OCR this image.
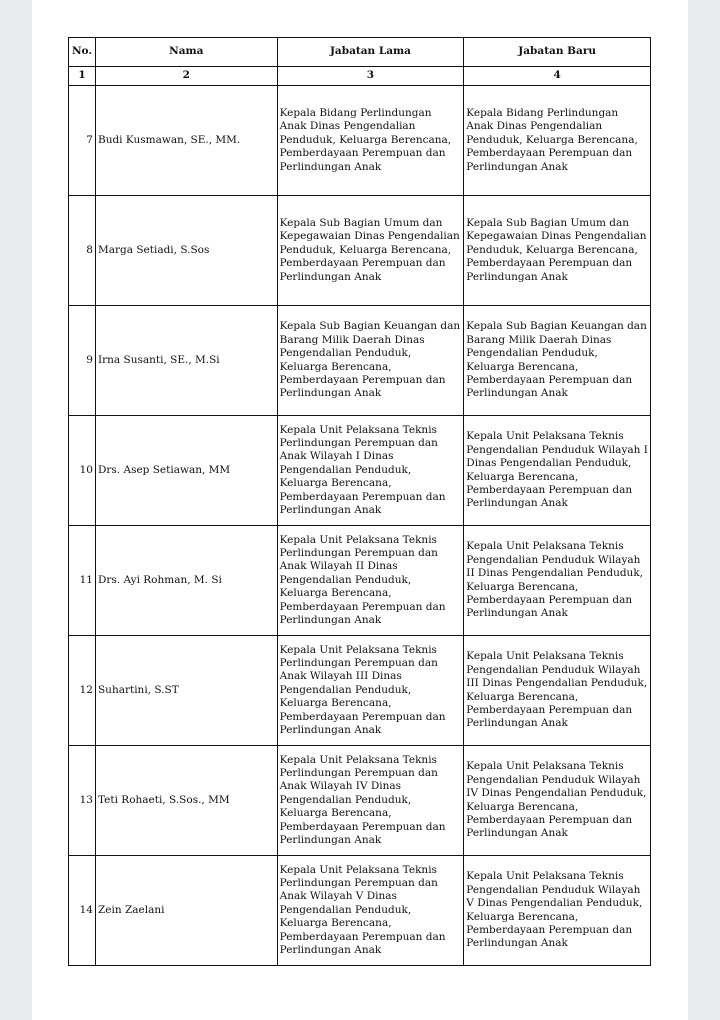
No.	Nama	Jabatan Lama	Jabatan Baru
1	2	3	4
7	Budi Kusmawan, SE., MM.	Kepala Bidang Perlindungan Anak Dinas Pengendalian Penduduk, Keluarga Berencana, Pemberdayaan Perempuan dan Perlindungan Anak	Kepala Bidang Perlindungan Anak Dinas Pengendalian Penduduk, Keluarga Berencana, Pemberdayaan Perempuan dan Perlindungan Anak
8	Marga Setiadi, S.Sos	Kepala Sub Bagian Umum dan Kepegawaian Dinas Pengendalian Penduduk, Keluarga Berencana, Pemberdayaan Perempuan dan Perlindungan Anak	Kepala Sub Bagian Umum dan Kepegawaian Dinas Pengendalian Penduduk, Keluarga Berencana, Pemberdayaan Perempuan dan Perlindungan Anak
9	Irna Susanti, SE., M.Si	Kepala Sub Bagian Keuangan dan Barang Milik Daerah Dinas Pengendalian Penduduk, Keluarga Berencana, Pemberdayaan Perempuan dan Perlindungan Anak	Kepala Sub Bagian Keuangan dan Barang Milik Daerah Dinas Pengendalian Penduduk, Keluarga Berencana, Pemberdayaan Perempuan dan Perlindungan Anak
10	Drs. Asep Setiawan, MM	Kepala Unit Pelaksana Teknis Perlindungan Perempuan dan Anak Wilayah I Dinas Pengendalian Penduduk, Keluarga Berencana, Pemberdayaan Perempuan dan Perlindungan Anak	Kepala Unit Pelaksana Teknis Pengendalian Penduduk Wilayah I Dinas Pengendalian Penduduk, Keluarga Berencana, Pemberdayaan Perempuan dan Perlindungan Anak
11	Drs. Ayi Rohman, M. Si	Kepala Unit Pelaksana Teknis Perlindungan Perempuan dan Anak Wilayah II Dinas Pengendalian Penduduk, Keluarga Berencana, Pemberdayaan Perempuan dan Perlindungan Anak	Kepala Unit Pelaksana Teknis Pengendalian Penduduk Wilayah II Dinas Pengendalian Penduduk, Keluarga Berencana, Pemberdayaan Perempuan dan Perlindungan Anak
12	Suhartini, S.ST	Kepala Unit Pelaksana Teknis Perlindungan Perempuan dan Anak Wilayah III Dinas Pengendalian Penduduk, Keluarga Berencana, Pemberdayaan Perempuan dan Perlindungan Anak	Kepala Unit Pelaksana Teknis Pengendalian Penduduk Wilayah III Dinas Pengendalian Penduduk, Keluarga Berencana, Pemberdayaan Perempuan dan Perlindungan Anak
13	Teti Rohaeti, S.Sos., MM	Kepala Unit Pelaksana Teknis Perlindungan Perempuan dan Anak Wilayah IV Dinas Pengendalian Penduduk, Keluarga Berencana, Pemberdayaan Perempuan dan Perlindungan Anak	Kepala Unit Pelaksana Teknis Pengendalian Penduduk Wilayah IV Dinas Pengendalian Penduduk, Keluarga Berencana, Pemberdayaan Perempuan dan Perlindungan Anak
14	Zein Zaelani	Kepala Unit Pelaksana Teknis Perlindungan Perempuan dan Anak Wilayah V Dinas Pengendalian Penduduk, Keluarga Berencana, Pemberdayaan Perempuan dan Perlindungan Anak	Kepala Unit Pelaksana Teknis Pengendalian Penduduk Wilayah V Dinas Pengendalian Penduduk, Keluarga Berencana, Pemberdayaan Perempuan dan Perlindungan Anak
